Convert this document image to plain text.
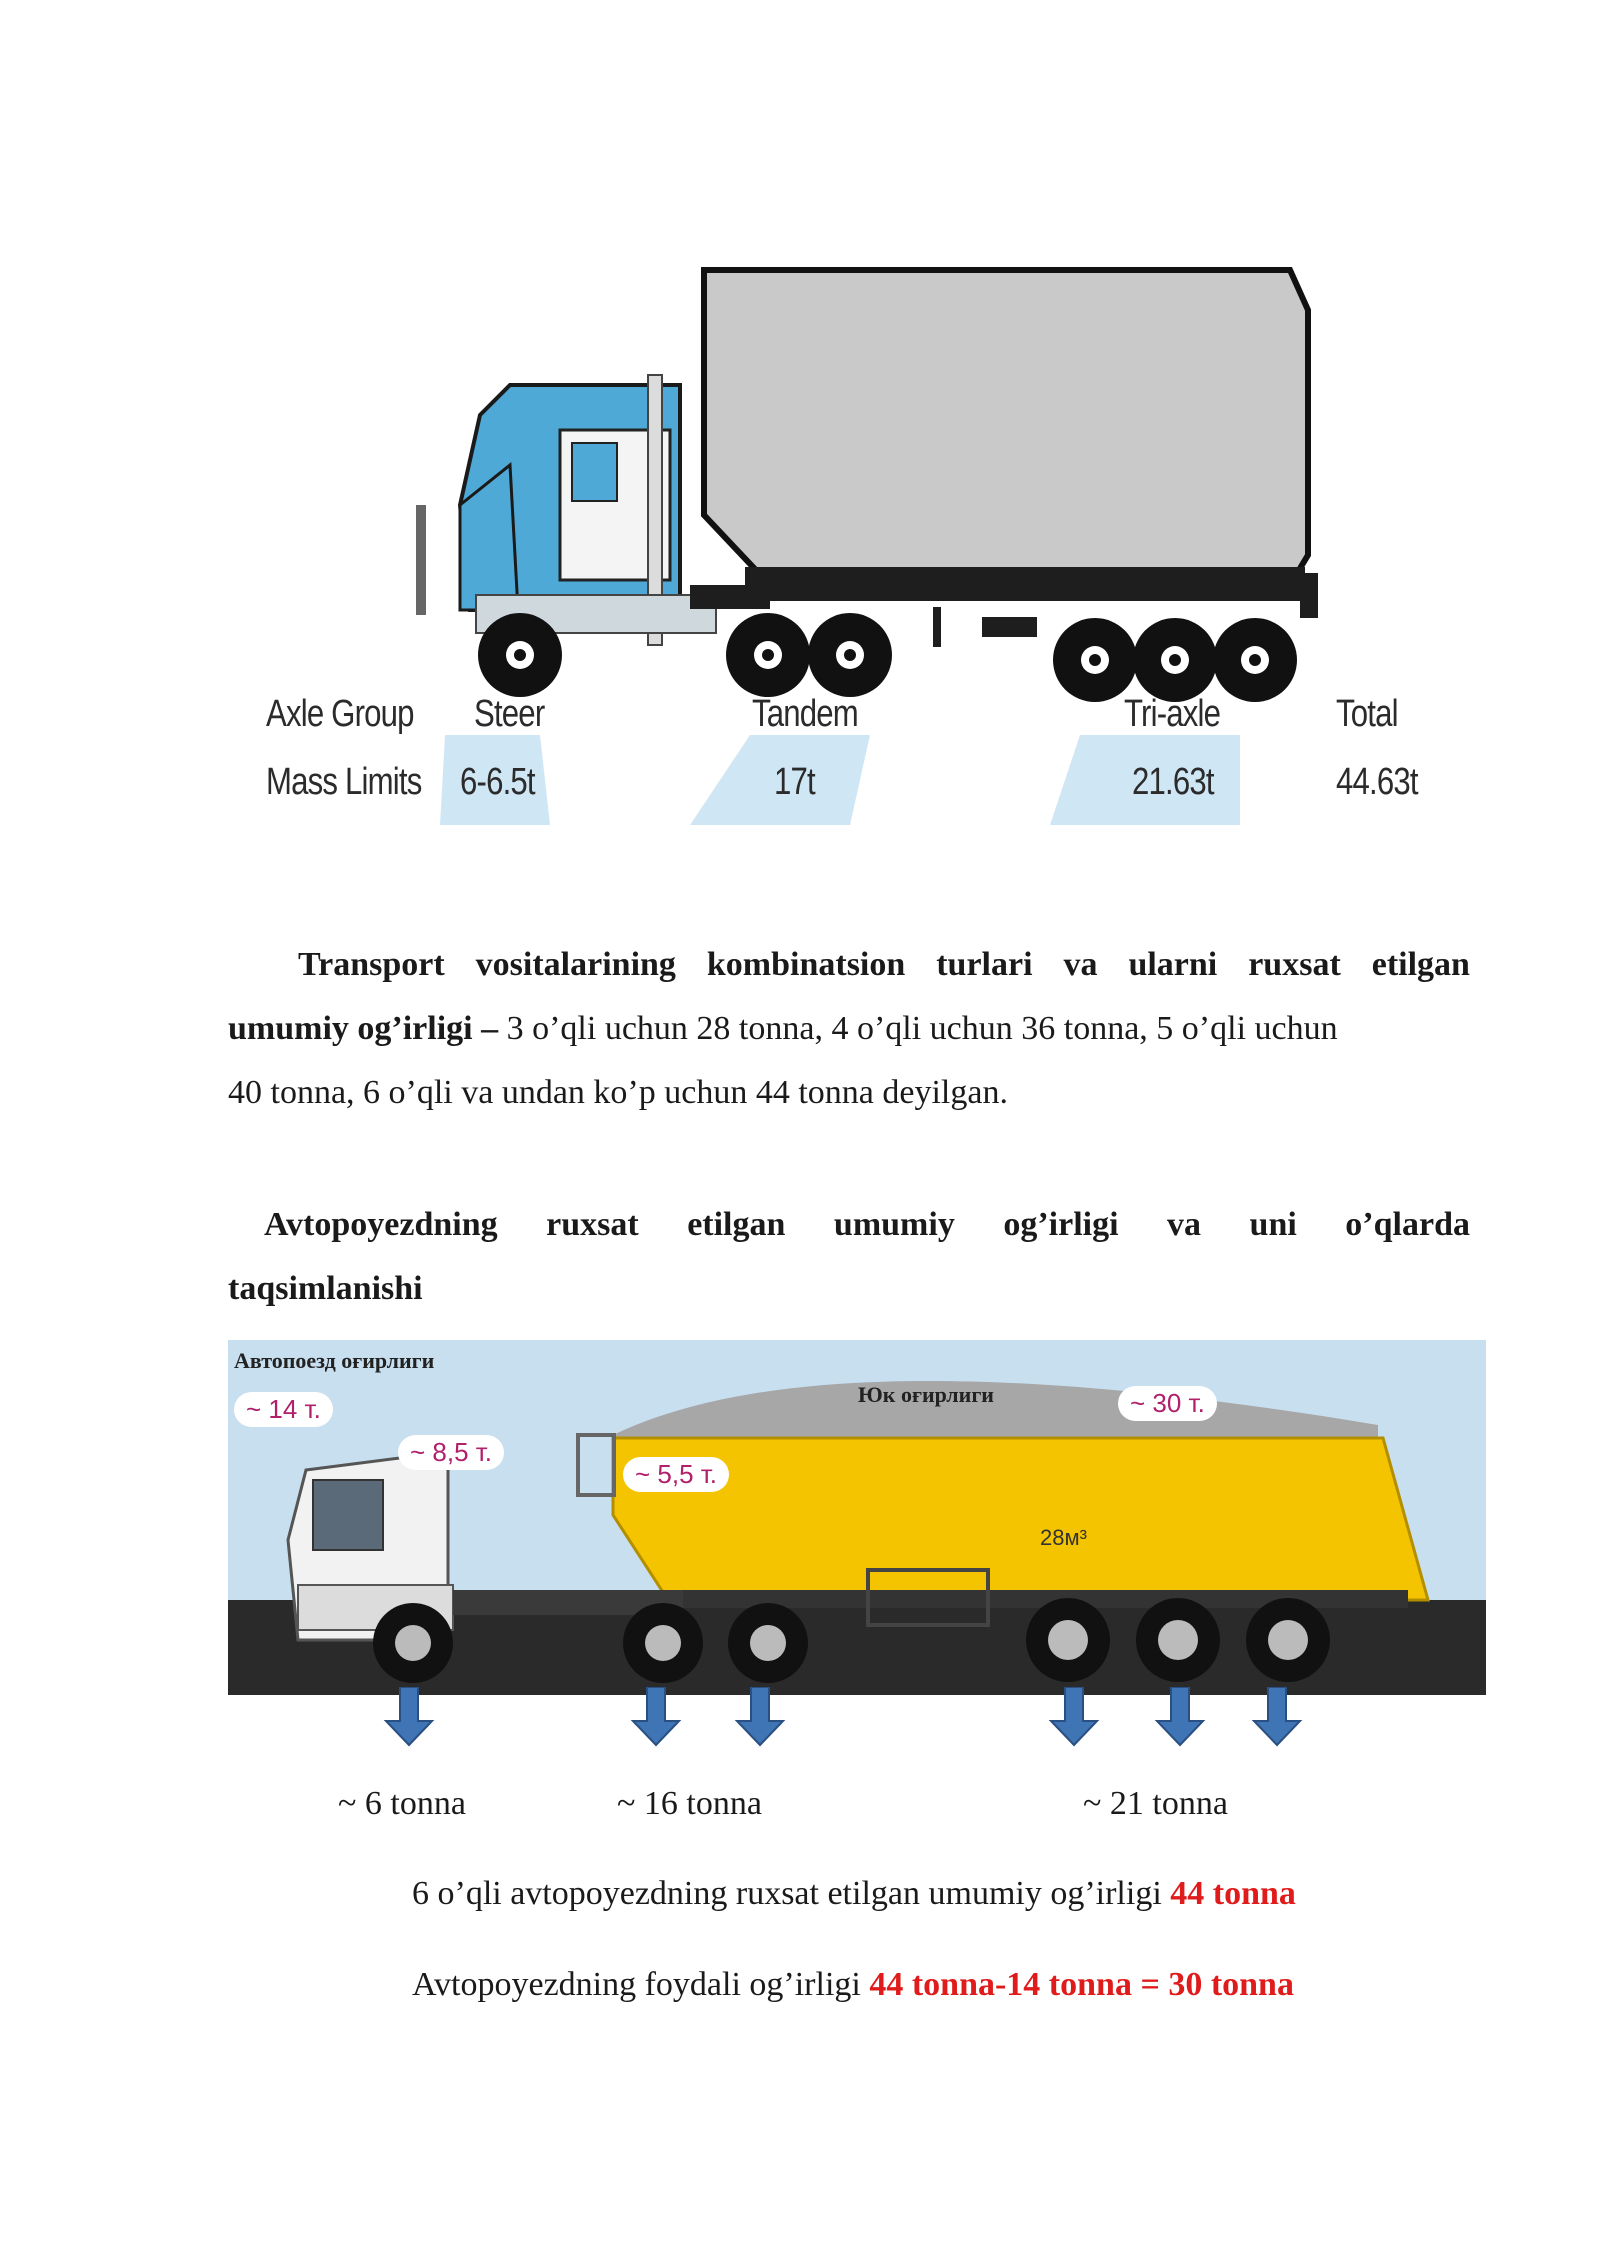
Axle Group
Mass Limits
Steer
6-6.5t
Tandem
17t
Tri-axle
21.63t
Total
44.63t
Transport vositalarining kombinatsion turlari va ularni ruxsat etilgan
umumiy og’irligi – 3 o’qli uchun 28 tonna, 4 o’qli uchun 36 tonna, 5 o’qli uchun
40 tonna, 6 o’qli va undan ko’p uchun 44 tonna deyilgan.
Avtopoyezdning ruxsat etilgan umumiy og’irligi va uni o’qlarda
taqsimlanishi
Автопоезд оғирлиги
Юк оғирлиги
~ 14 т.
~ 8,5 т.
~ 5,5 т.
~ 30 т.
28м³
~ 6 tonna	~ 16 tonna	~ 21 tonna
6 o’qli avtopoyezdning ruxsat etilgan umumiy og’irligi 44 tonna
Avtopoyezdning foydali og’irligi 44 tonna-14 tonna = 30 tonna
